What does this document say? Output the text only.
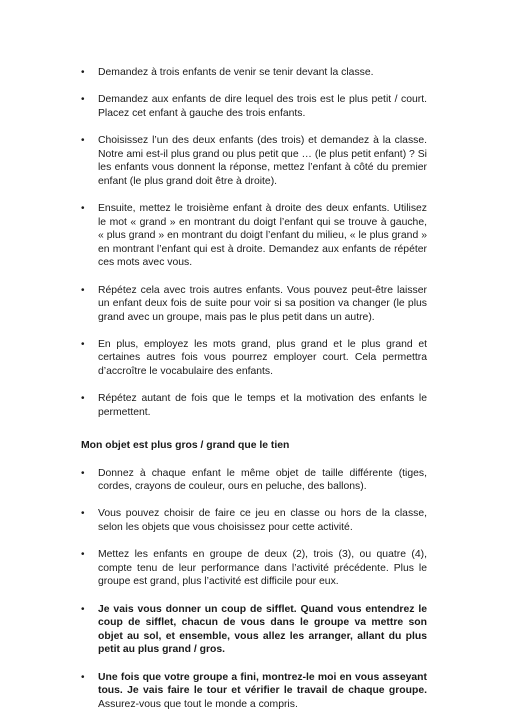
•	Demandez à trois enfants de venir se tenir devant la classe.
•	Demandez aux enfants de dire lequel des trois est le plus petit / court. Placez cet enfant à gauche des trois enfants.
•	Choisissez l’un des deux enfants (des trois) et demandez à la classe. Notre ami est-il plus grand ou plus petit que … (le plus petit enfant) ? Si les enfants vous donnent la réponse, mettez l’enfant à côté du premier enfant (le plus grand doit être à droite).
•	Ensuite, mettez le troisième enfant à droite des deux enfants. Utilisez le mot « grand » en montrant du doigt l’enfant qui se trouve à gauche, « plus grand » en montrant du doigt l’enfant du milieu, « le plus grand » en montrant l’enfant qui est à droite. Demandez aux enfants de répéter ces mots avec vous.
•	Répétez cela avec trois autres enfants. Vous pouvez peut-être laisser un enfant deux fois de suite pour voir si sa position va changer (le plus grand avec un groupe, mais pas le plus petit dans un autre).
•	En plus, employez les mots grand, plus grand et le plus grand et certaines autres fois vous pourrez employer court. Cela permettra d’accroître le vocabulaire des enfants.
•	Répétez autant de fois que le temps et la motivation des enfants le permettent.
Mon objet est plus gros / grand que le tien
•	Donnez à chaque enfant le même objet de taille différente (tiges, cordes, crayons de couleur, ours en peluche, des ballons).
•	Vous pouvez choisir de faire ce jeu en classe ou hors de la classe, selon les objets que vous choisissez pour cette activité.
•	Mettez les enfants en groupe de deux (2), trois (3), ou quatre (4), compte tenu de leur performance dans l’activité précédente. Plus le groupe est grand, plus l’activité est difficile pour eux.
•	Je vais vous donner un coup de sifflet. Quand vous entendrez le coup de sifflet, chacun de vous dans le groupe va mettre son objet au sol, et ensemble, vous allez les arranger, allant du plus petit au plus grand / gros.
•	Une fois que votre groupe a fini, montrez-le moi en vous asseyant tous. Je vais faire le tour et vérifier le travail de chaque groupe. Assurez-vous que tout le monde a compris.
